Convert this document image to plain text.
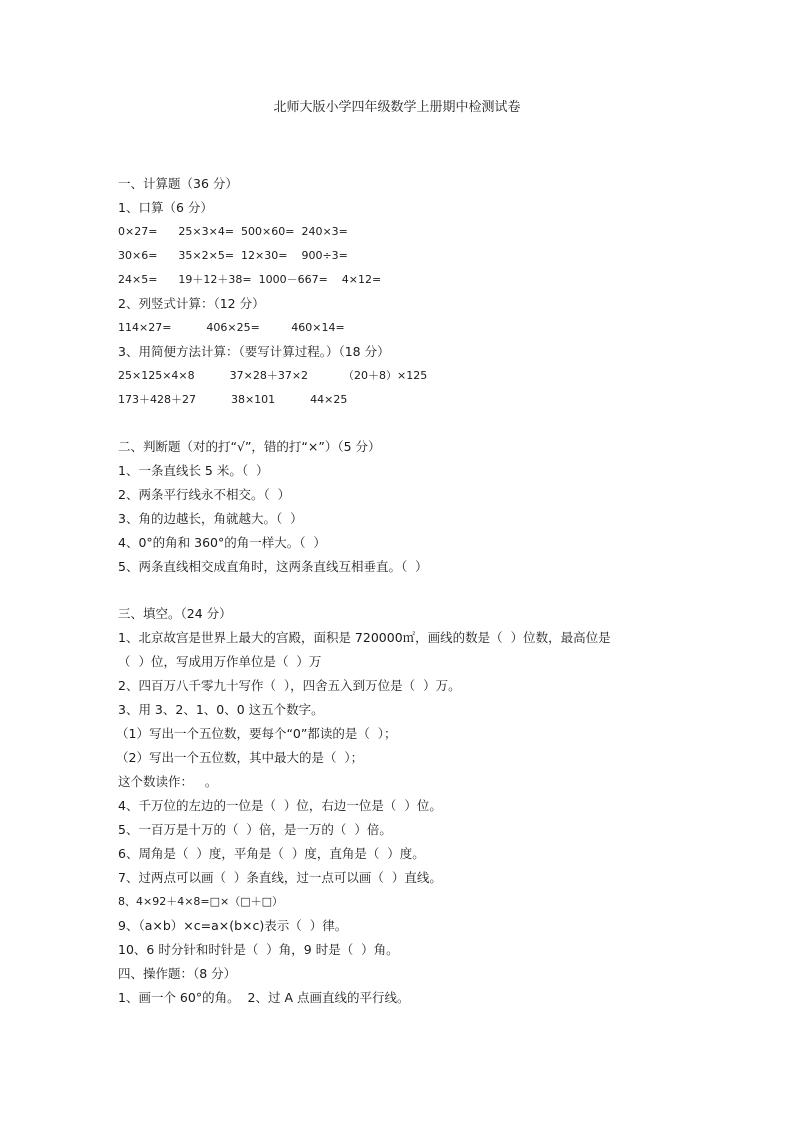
北师大版小学四年级数学上册期中检测试卷
一、计算题（36 分）
1、口算（6 分）
0×27=      25×3×4=  500×60=  240×3=
30×6=      35×2×5=  12×30=    900÷3=
24×5=      19＋12＋38=  1000－667=    4×12=
2、列竖式计算：（12 分）
114×27=          406×25=         460×14=
3、用简便方法计算：（要写计算过程。）（18 分）
25×125×4×8          37×28＋37×2          （20＋8）×125
173＋428＋27          38×101          44×25
二、判断题（对的打“√”，错的打“×”）（5 分）
1、一条直线长 5 米。（  ）
2、两条平行线永不相交。（  ）
3、角的边越长，角就越大。（  ）
4、0°的角和 360°的角一样大。（  ）
5、两条直线相交成直角时，这两条直线互相垂直。（  ）
三、填空。（24 分）
1、北京故宫是世界上最大的宫殿，面积是 720000㎡，画线的数是（  ）位数，最高位是
（  ）位，写成用万作单位是（  ）万
2、四百万八千零九十写作（  ），四舍五入到万位是（  ）万。
3、用 3、2、1、0、0 这五个数字。
（1）写出一个五位数，要每个“0”都读的是（  ）；
（2）写出一个五位数，其中最大的是（  ）；
这个数读作：   。
4、千万位的左边的一位是（  ）位，右边一位是（  ）位。
5、一百万是十万的（  ）倍，是一万的（  ）倍。
6、周角是（  ）度，平角是（  ）度，直角是（  ）度。
7、过两点可以画（  ）条直线，过一点可以画（  ）直线。
8、4×92＋4×8=□×（□＋□）
9、（a×b）×c=a×(b×c)表示（  ）律。
10、6 时分针和时针是（  ）角，9 时是（  ）角。
四、操作题：（8 分）
1、画一个 60°的角。  2、过 A 点画直线的平行线。
